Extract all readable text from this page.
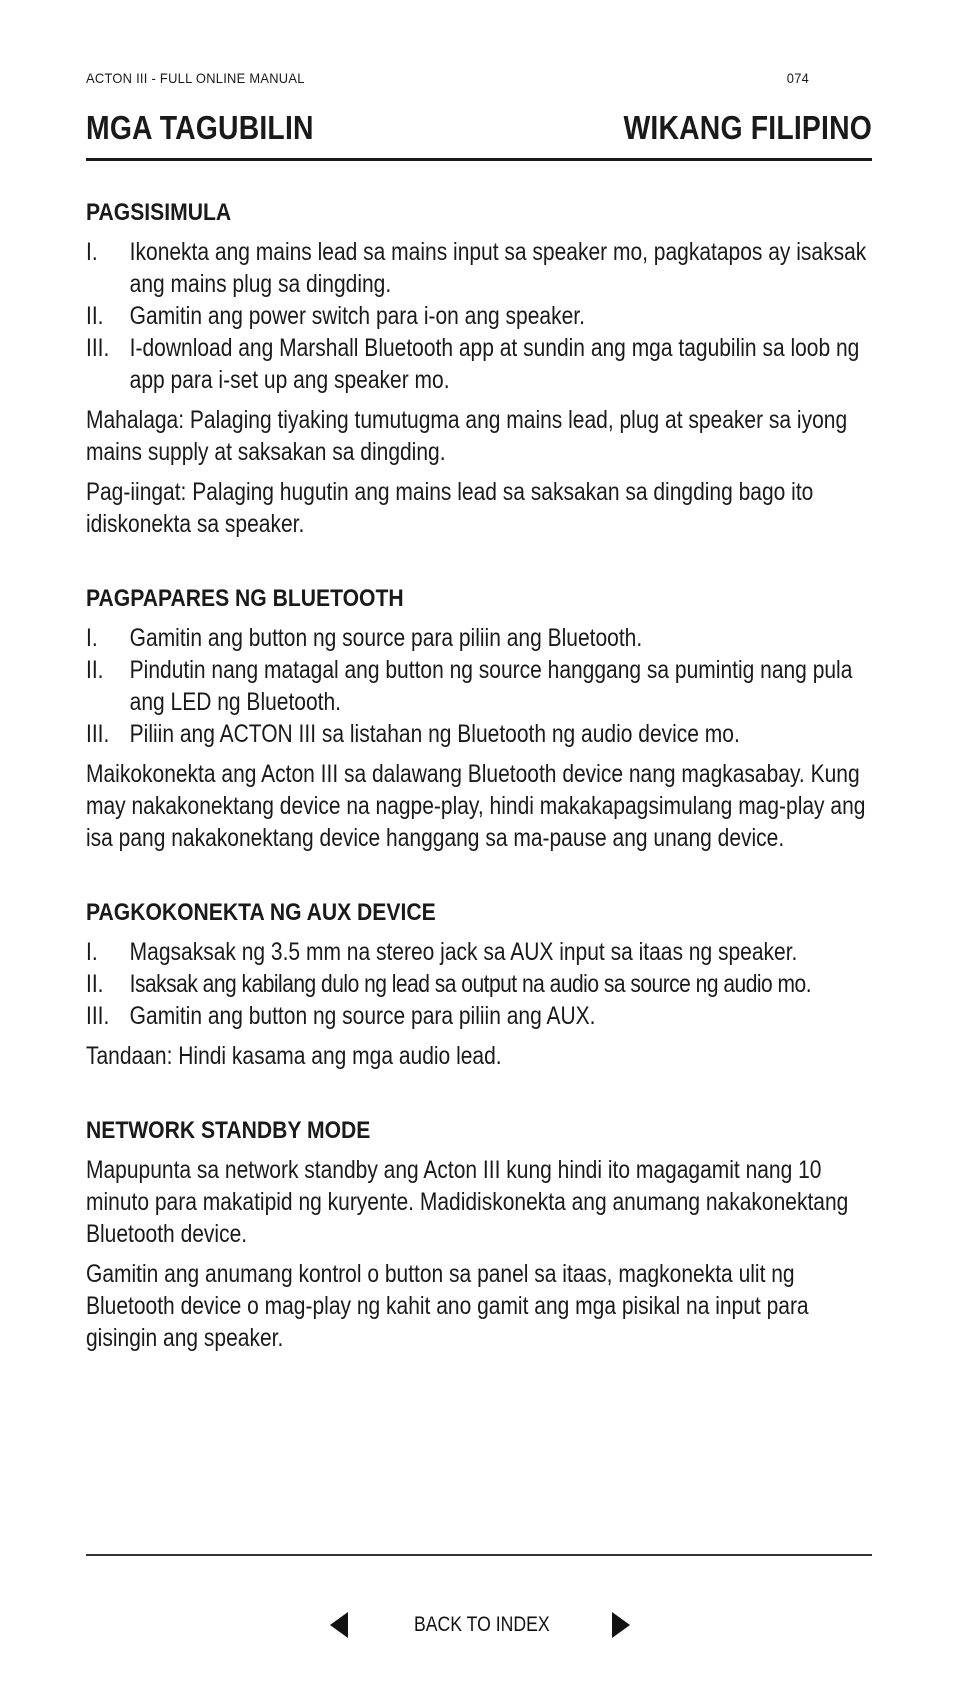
ACTON III - FULL ONLINE MANUAL	074
MGA TAGUBILIN	WIKANG FILIPINO
PAGSISIMULA
I.	Ikonekta ang mains lead sa mains input sa speaker mo, pagkatapos ay isaksak ang mains plug sa dingding.
II.	Gamitin ang power switch para i-on ang speaker.
III. I-download ang Marshall Bluetooth app at sundin ang mga tagubilin sa loob ng app para i-set up ang speaker mo.

Mahalaga: Palaging tiyaking tumutugma ang mains lead, plug at speaker sa iyong mains supply at saksakan sa dingding.

Pag-iingat: Palaging hugutin ang mains lead sa saksakan sa dingding bago ito idiskonekta sa speaker.

PAGPAPARES NG BLUETOOTH
I.	Gamitin ang button ng source para piliin ang Bluetooth.
II.	Pindutin nang matagal ang button ng source hanggang sa pumintig nang pula ang LED ng Bluetooth.
III. Piliin ang ACTON III sa listahan ng Bluetooth ng audio device mo.

Maikokonekta ang Acton III sa dalawang Bluetooth device nang magkasabay. Kung may nakakonektang device na nagpe-play, hindi makakapagsimulang mag-play ang isa pang nakakonektang device hanggang sa ma-pause ang unang device.

PAGKOKONEKTA NG AUX DEVICE
I.	Magsaksak ng 3.5 mm na stereo jack sa AUX input sa itaas ng speaker.
II.	Isaksak ang kabilang dulo ng lead sa output na audio sa source ng audio mo.
III. Gamitin ang button ng source para piliin ang AUX.

Tandaan: Hindi kasama ang mga audio lead.

NETWORK STANDBY MODE

Mapupunta sa network standby ang Acton III kung hindi ito magagamit nang 10 minuto para makatipid ng kuryente. Madidiskonekta ang anumang nakakonektang Bluetooth device.

Gamitin ang anumang kontrol o button sa panel sa itaas, magkonekta ulit ng Bluetooth device o mag-play ng kahit ano gamit ang mga pisikal na input para gisingin ang speaker.

BACK TO INDEX
